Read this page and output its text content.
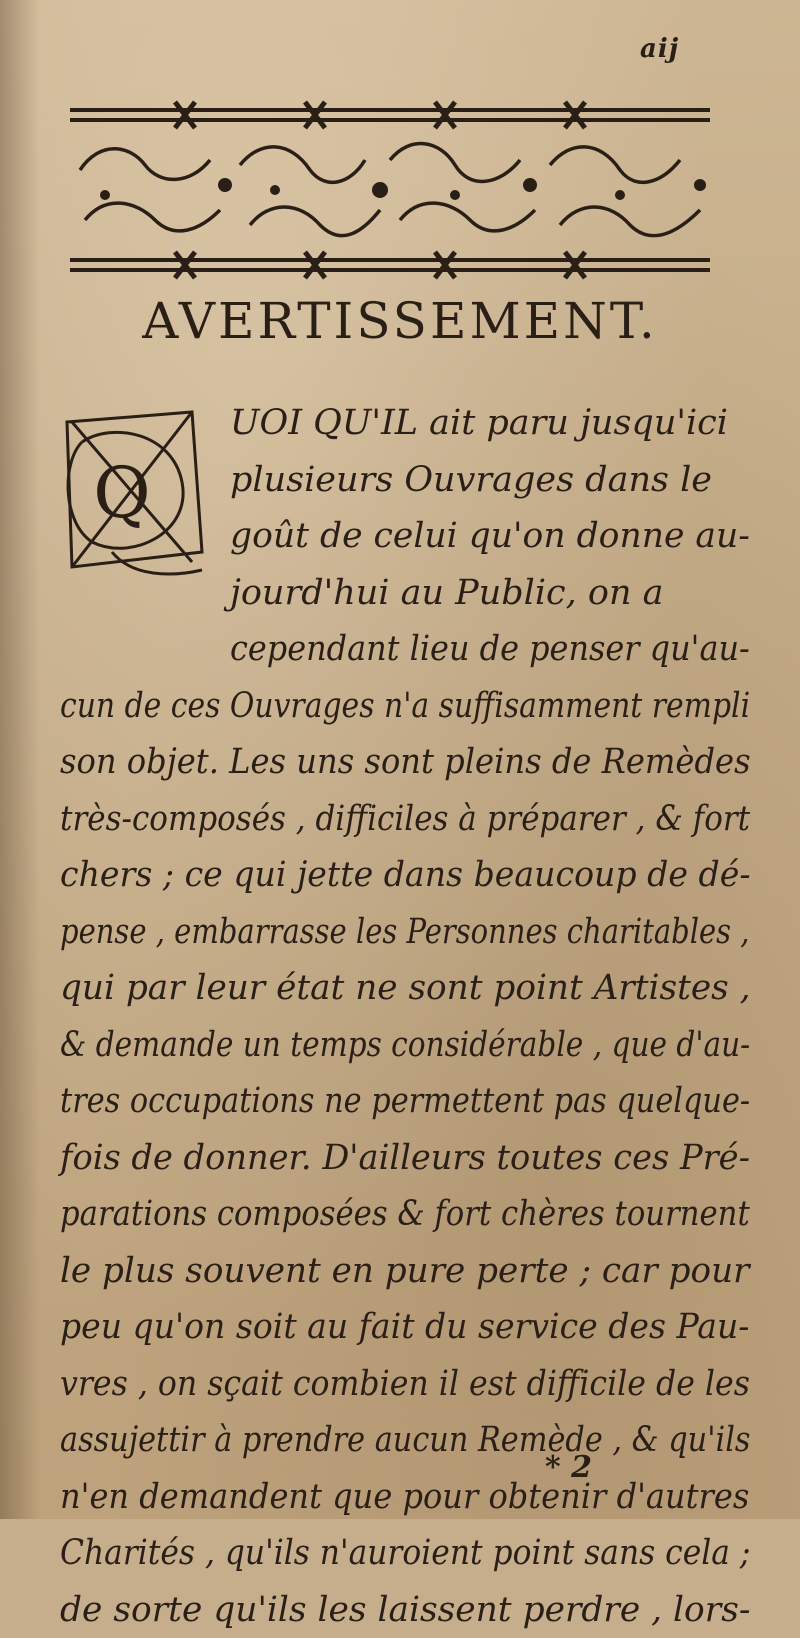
aij
AVERTISSEMENT.
Q
UOI QU'IL ait paru jusqu'ici
plusieurs Ouvrages dans le
goût de celui qu'on donne au-
jourd'hui au Public, on a
cependant lieu de penser qu'au-
cun de ces Ouvrages n'a suffisamment rempli
son objet. Les uns sont pleins de Remèdes
très-composés , difficiles à préparer , & fort
chers ; ce qui jette dans beaucoup de dé-
pense , embarrasse les Personnes charitables ,
qui par leur état ne sont point Artistes ,
& demande un temps considérable , que d'au-
tres occupations ne permettent pas quelque-
fois de donner. D'ailleurs toutes ces Pré-
parations composées & fort chères tournent
le plus souvent en pure perte ; car pour
peu qu'on soit au fait du service des Pau-
vres , on sçait combien il est difficile de les
assujettir à prendre aucun Remède , & qu'ils
n'en demandent que pour obtenir d'autres
Charités , qu'ils n'auroient point sans cela ;
de sorte qu'ils les laissent perdre , lors-
* 2
